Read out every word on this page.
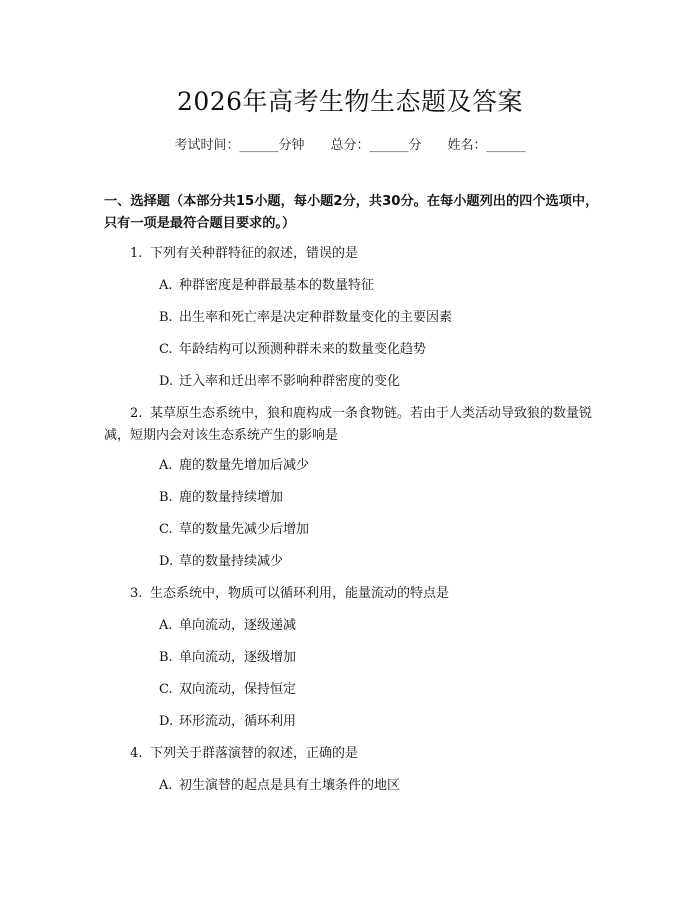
2026年高考生物生态题及答案
考试时间：______分钟 总分：______分 姓名：______
一、选择题（本部分共15小题，每小题2分，共30分。在每小题列出的四个选项中，只有一项是最符合题目要求的。）
1. 下列有关种群特征的叙述，错误的是
A. 种群密度是种群最基本的数量特征
B. 出生率和死亡率是决定种群数量变化的主要因素
C. 年龄结构可以预测种群未来的数量变化趋势
D. 迁入率和迁出率不影响种群密度的变化
2. 某草原生态系统中，狼和鹿构成一条食物链。若由于人类活动导致狼的数量锐减，短期内会对该生态系统产生的影响是
A. 鹿的数量先增加后减少
B. 鹿的数量持续增加
C. 草的数量先减少后增加
D. 草的数量持续减少
3. 生态系统中，物质可以循环利用，能量流动的特点是
A. 单向流动，逐级递减
B. 单向流动，逐级增加
C. 双向流动，保持恒定
D. 环形流动，循环利用
4. 下列关于群落演替的叙述，正确的是
A. 初生演替的起点是具有土壤条件的地区
